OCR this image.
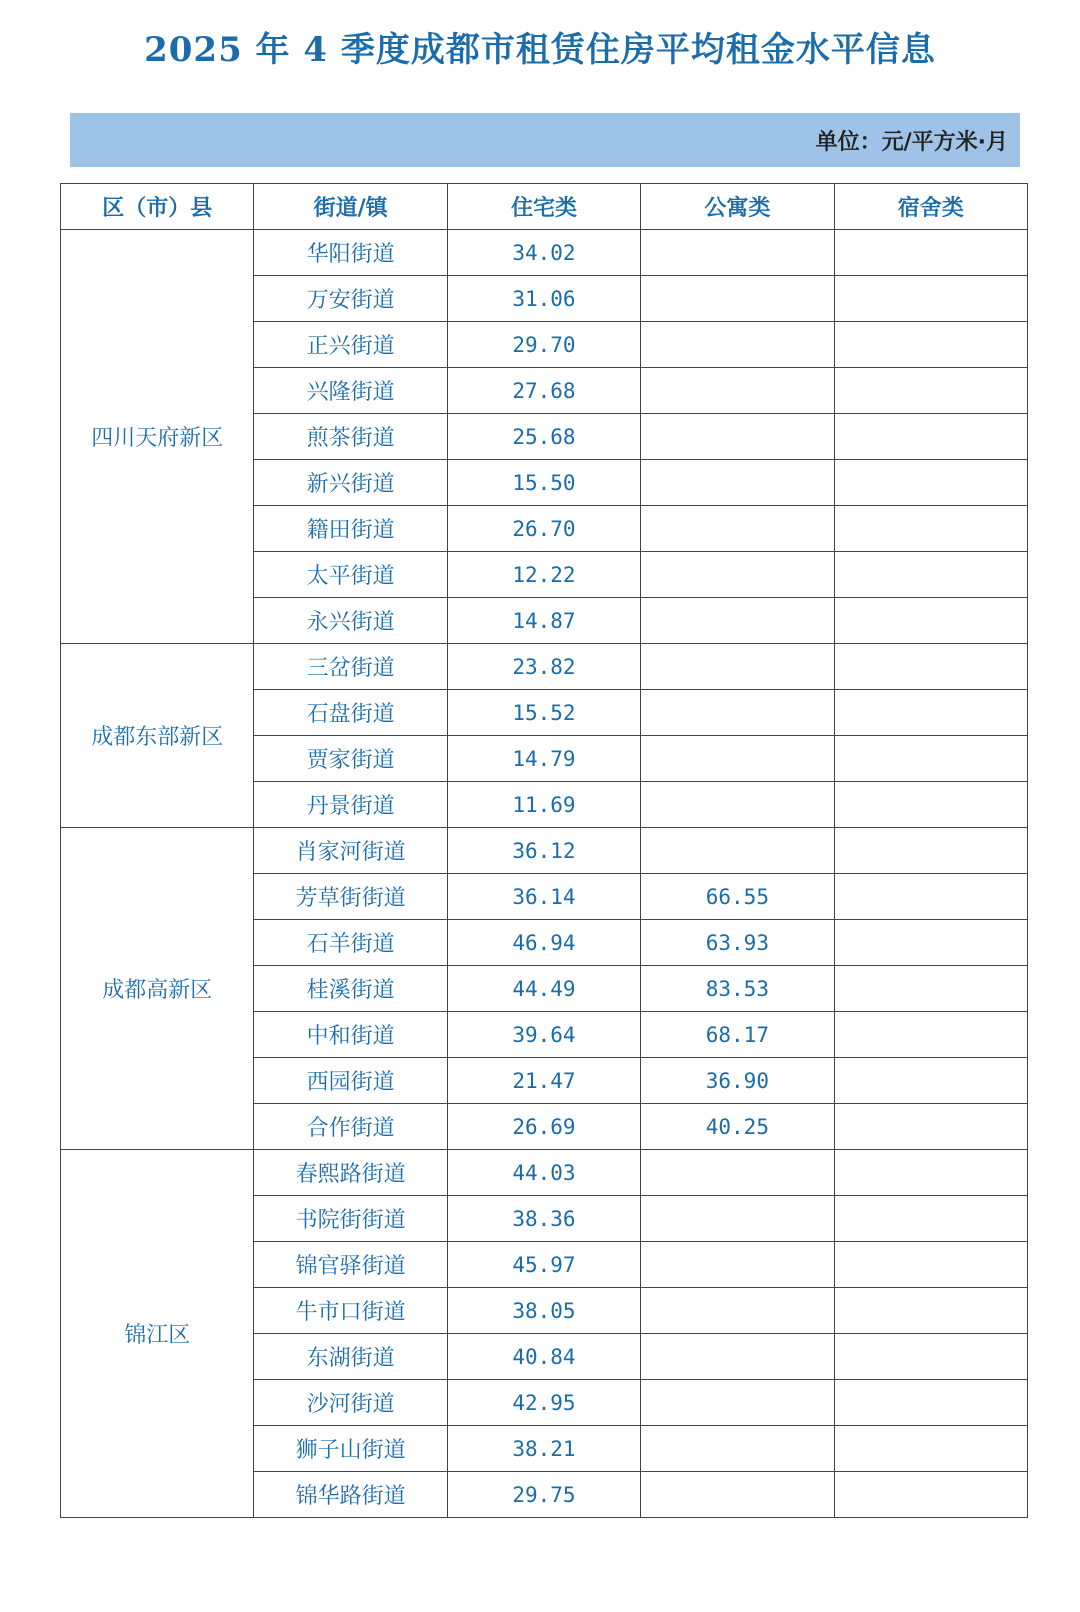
2025 年 4 季度成都市租赁住房平均租金水平信息
单位：元/平方米·月
区（市）县	街道/镇	住宅类	公寓类	宿舍类
四川天府新区	华阳街道	34.02		
	万安街道	31.06		
	正兴街道	29.70		
	兴隆街道	27.68		
	煎茶街道	25.68		
	新兴街道	15.50		
	籍田街道	26.70		
	太平街道	12.22		
	永兴街道	14.87		
成都东部新区	三岔街道	23.82		
	石盘街道	15.52		
	贾家街道	14.79		
	丹景街道	11.69		
成都高新区	肖家河街道	36.12		
	芳草街街道	36.14	66.55	
	石羊街道	46.94	63.93	
	桂溪街道	44.49	83.53	
	中和街道	39.64	68.17	
	西园街道	21.47	36.90	
	合作街道	26.69	40.25	
锦江区	春熙路街道	44.03		
	书院街街道	38.36		
	锦官驿街道	45.97		
	牛市口街道	38.05		
	东湖街道	40.84		
	沙河街道	42.95		
	狮子山街道	38.21		
	锦华路街道	29.75		
